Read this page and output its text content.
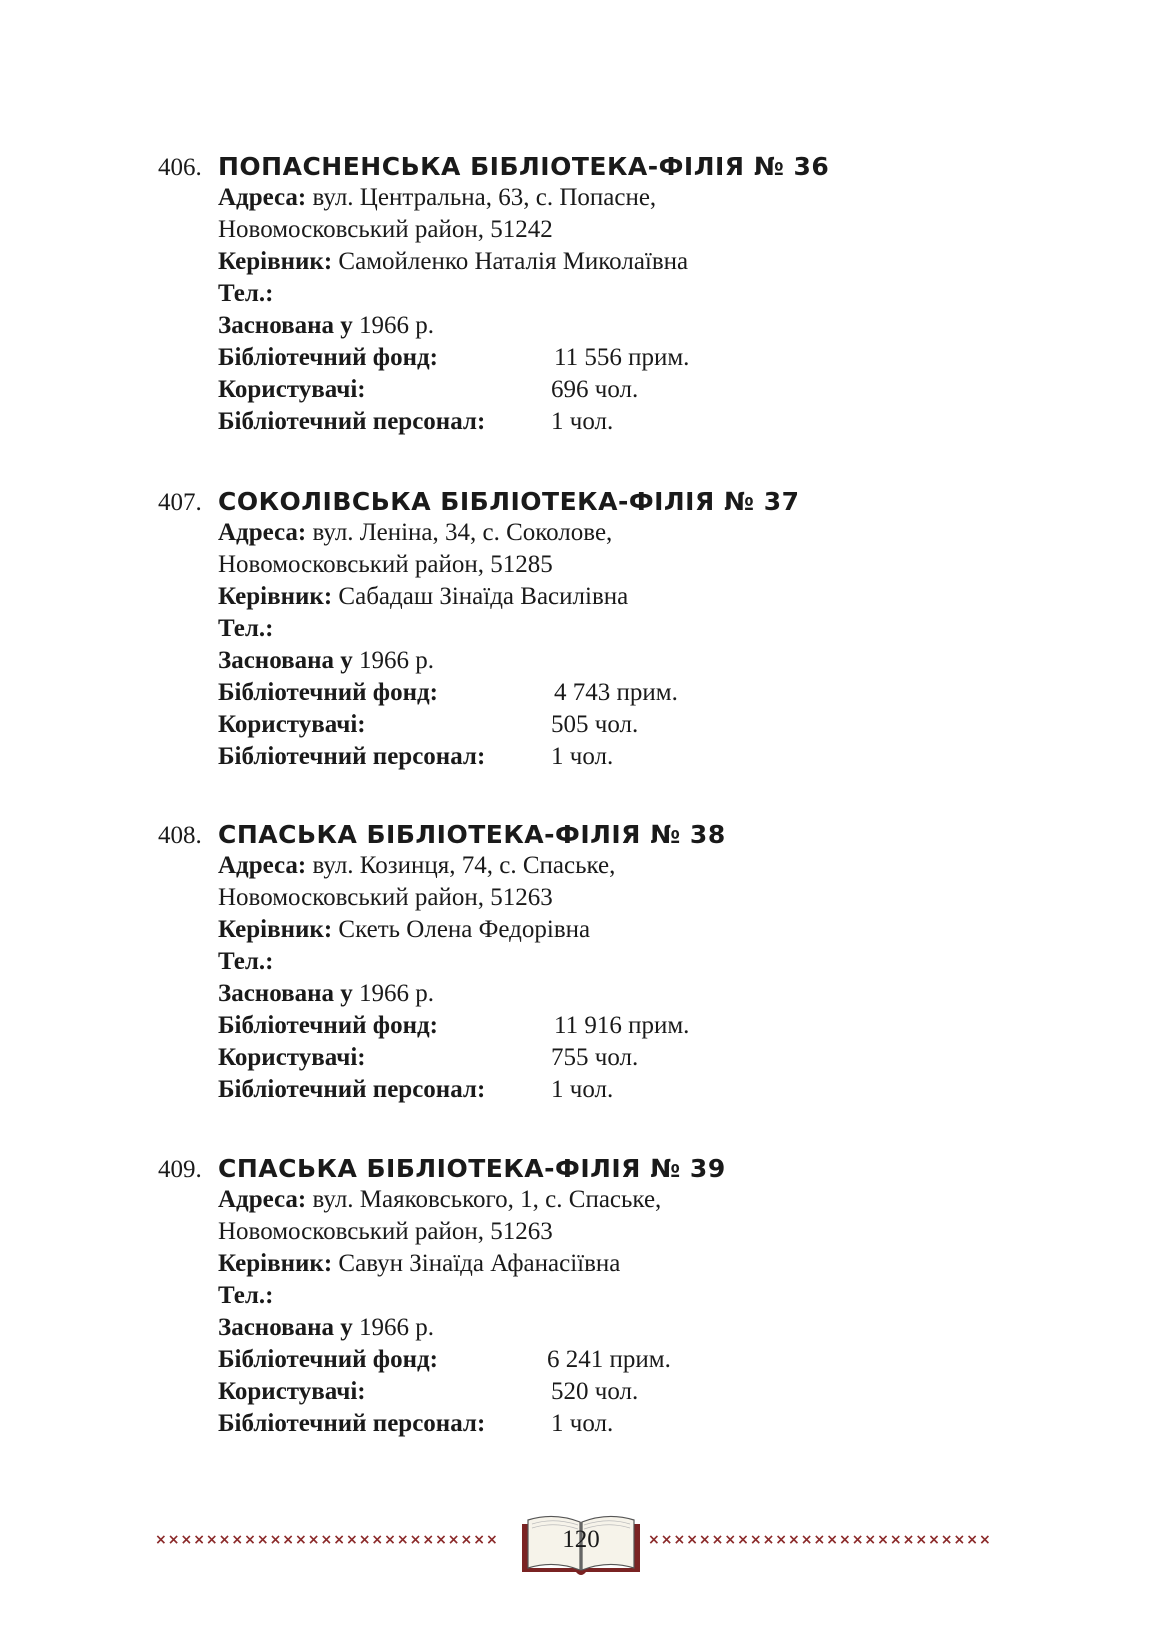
406. ПОПАСНЕНСЬКА БІБЛІОТЕКА-ФІЛІЯ № 36
Адреса: вул. Центральна, 63, с. Попасне,
Новомосковський район, 51242
Керівник: Самойленко Наталія Миколаївна
Тел.:
Заснована у 1966 р.
Бібліотечний фонд:	11 556 прим.
Користувачі:	696 чол.
Бібліотечний персонал:	1 чол.
407. СОКОЛІВСЬКА БІБЛІОТЕКА-ФІЛІЯ № 37
Адреса: вул. Леніна, 34, с. Соколове,
Новомосковський район, 51285
Керівник: Сабадаш Зінаїда Василівна
Тел.:
Заснована у 1966 р.
Бібліотечний фонд:	4 743 прим.
Користувачі:	505 чол.
Бібліотечний персонал:	1 чол.
408. СПАСЬКА БІБЛІОТЕКА-ФІЛІЯ № 38
Адреса: вул. Козинця, 74, с. Спаське,
Новомосковський район, 51263
Керівник: Скеть Олена Федорівна
Тел.:
Заснована у 1966 р.
Бібліотечний фонд:	11 916 прим.
Користувачі:	755 чол.
Бібліотечний персонал:	1 чол.
409. СПАСЬКА БІБЛІОТЕКА-ФІЛІЯ № 39
Адреса: вул. Маяковського, 1, с. Спаське,
Новомосковський район, 51263
Керівник: Савун Зінаїда Афанасіївна
Тел.:
Заснована у 1966 р.
Бібліотечний фонд:	6 241 прим.
Користувачі:	520 чол.
Бібліотечний персонал:	1 чол.
×××××××××××××××××××××××××××	120	×××××××××××××××××××××××××××
